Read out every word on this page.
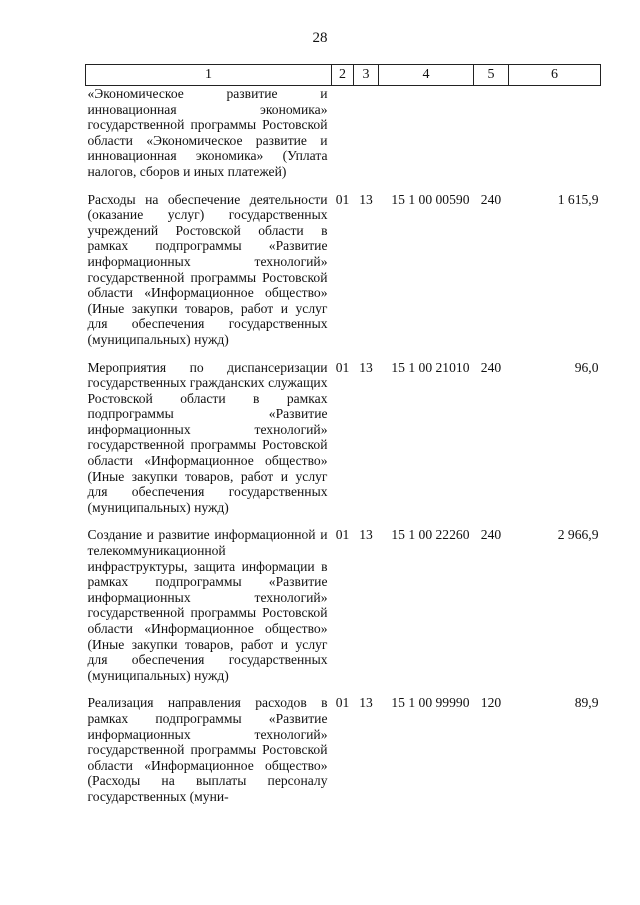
28
1	2	3	4	5	6
«Экономическое развитие и инновационная экономика» государственной программы Ростовской области «Экономическое развитие и инновационная экономика» (Уплата налогов, сборов и иных платежей)					
Расходы на обеспечение деятельности (оказание услуг) государственных учреждений Ростовской области в рамках подпрограммы «Развитие информационных технологий» государственной программы Ростовской области «Информационное общество» (Иные закупки товаров, работ и услуг для обеспечения государственных (муниципальных) нужд)	01	13	15 1 00 00590	240	1 615,9
Мероприятия по диспансеризации государственных гражданских служащих Ростовской области в рамках подпрограммы «Развитие информационных технологий» государственной программы Ростовской области «Информационное общество» (Иные закупки товаров, работ и услуг для обеспечения государственных (муниципальных) нужд)	01	13	15 1 00 21010	240	96,0
Создание и развитие информационной и телекоммуникационной инфраструктуры, защита информации в рамках подпрограммы «Развитие информационных технологий» государственной программы Ростовской области «Информационное общество» (Иные закупки товаров, работ и услуг для обеспечения государственных (муниципальных) нужд)	01	13	15 1 00 22260	240	2 966,9
Реализация направления расходов в рамках подпрограммы «Развитие информационных технологий» государственной программы Ростовской области «Информационное общество» (Расходы на выплаты персоналу государственных (муни-	01	13	15 1 00 99990	120	89,9
